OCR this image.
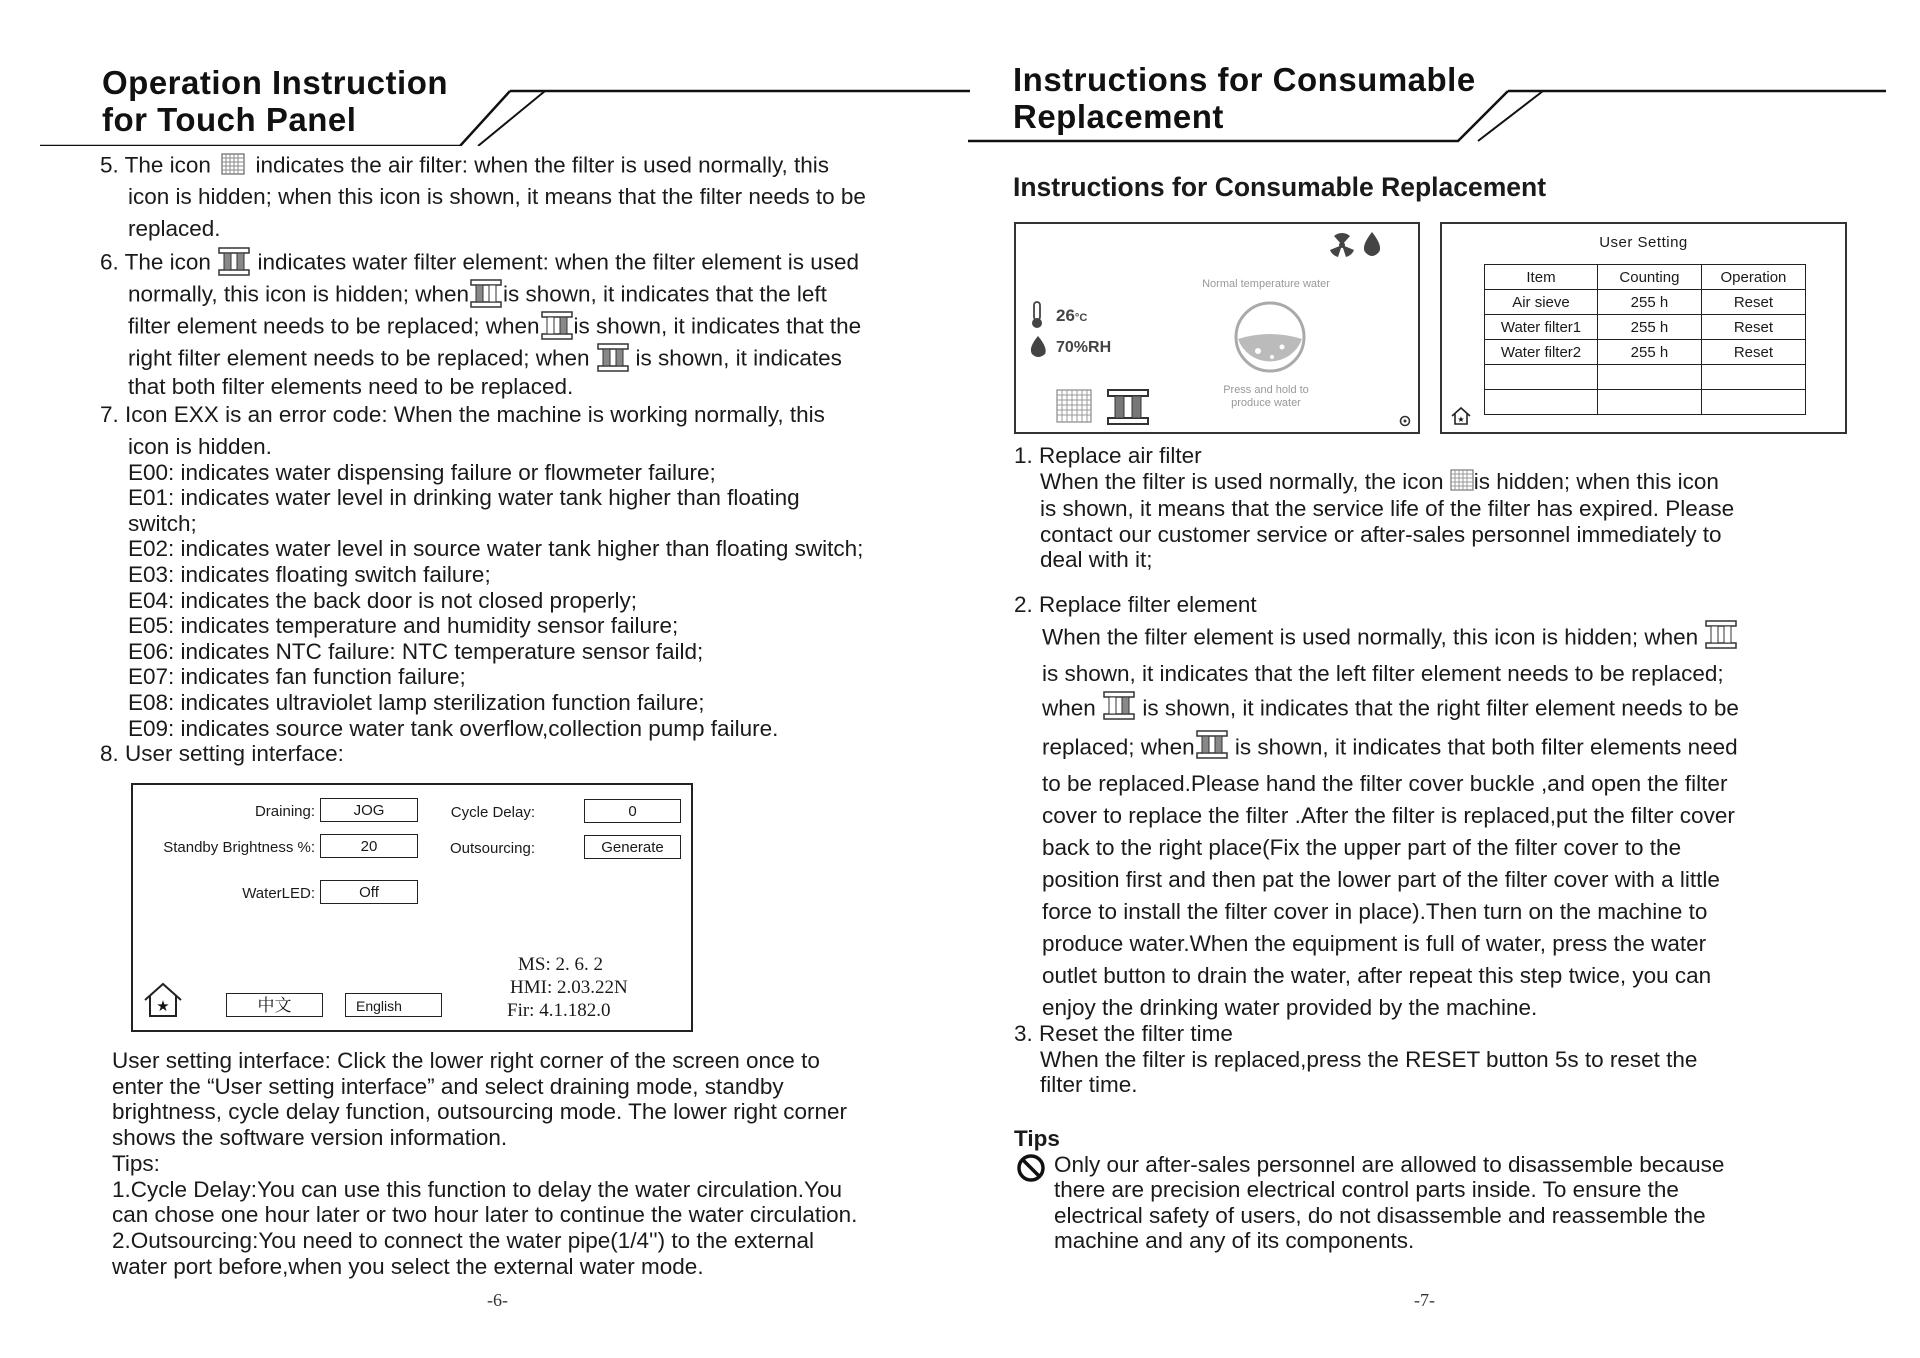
Operation Instruction
for Touch Panel
5. The icon indicates the air filter: when the filter is used normally, this
icon is hidden; when this icon is shown, it means that the filter needs to be
replaced.
6. The icon indicates water filter element: when the filter element is used
normally, this icon is hidden; when is shown, it indicates that the left
filter element needs to be replaced; when is shown, it indicates that the
right filter element needs to be replaced; when is shown, it indicates
that both filter elements need to be replaced.
7. Icon EXX is an error code: When the machine is working normally, this
icon is hidden.
E00: indicates water dispensing failure or flowmeter failure;
E01: indicates water level in drinking water tank higher than floating
switch;
E02: indicates water level in source water tank higher than floating switch;
E03: indicates floating switch failure;
E04: indicates the back door is not closed properly;
E05: indicates temperature and humidity sensor failure;
E06: indicates NTC failure: NTC temperature sensor faild;
E07: indicates fan function failure;
E08: indicates ultraviolet lamp sterilization function failure;
E09: indicates source water tank overflow,collection pump failure.
8. User setting interface:
Draining:	JOG
Standby Brightness %:	20
WaterLED:	Off
Cycle Delay:	0
Outsourcing:	Generate
★	中文	English
MS: 2. 6. 2
HMI: 2.03.22N
Fir: 4.1.182.0
User setting interface: Click the lower right corner of the screen once to
enter the “User setting interface” and select draining mode, standby
brightness, cycle delay function, outsourcing mode. The lower right corner
shows the software version information.
Tips:
1.Cycle Delay:You can use this function to delay the water circulation.You
can chose one hour later or two hour later to continue the water circulation.
2.Outsourcing:You need to connect the water pipe(1/4'') to the external
water port before,when you select the external water mode.
-6-
Instructions for Consumable
Replacement
Instructions for Consumable Replacement
Normal temperature water
Press and hold to
produce water
26°C
70%RH
User Setting
Item	Counting	Operation
Air sieve	255 h	Reset
Water filter1	255 h	Reset
Water filter2	255 h	Reset

★
1. Replace air filter
When the filter is used normally, the icon is hidden; when this icon
is shown, it means that the service life of the filter has expired. Please
contact our customer service or after-sales personnel immediately to
deal with it;
2. Replace filter element
When the filter element is used normally, this icon is hidden; when
is shown, it indicates that the left filter element needs to be replaced;
when is shown, it indicates that the right filter element needs to be
replaced; when is shown, it indicates that both filter elements need
to be replaced.Please hand the filter cover buckle ,and open the filter
cover to replace the filter .After the filter is replaced,put the filter cover
back to the right place(Fix the upper part of the filter cover to the
position first and then pat the lower part of the filter cover with a little
force to install the filter cover in place).Then turn on the machine to
produce water.When the equipment is full of water, press the water
outlet button to drain the water, after repeat this step twice, you can
enjoy the drinking water provided by the machine.
3. Reset the filter time
When the filter is replaced,press the RESET button 5s to reset the
filter time.
Tips
Only our after-sales personnel are allowed to disassemble because
there are precision electrical control parts inside. To ensure the
electrical safety of users, do not disassemble and reassemble the
machine and any of its components.
-7-
